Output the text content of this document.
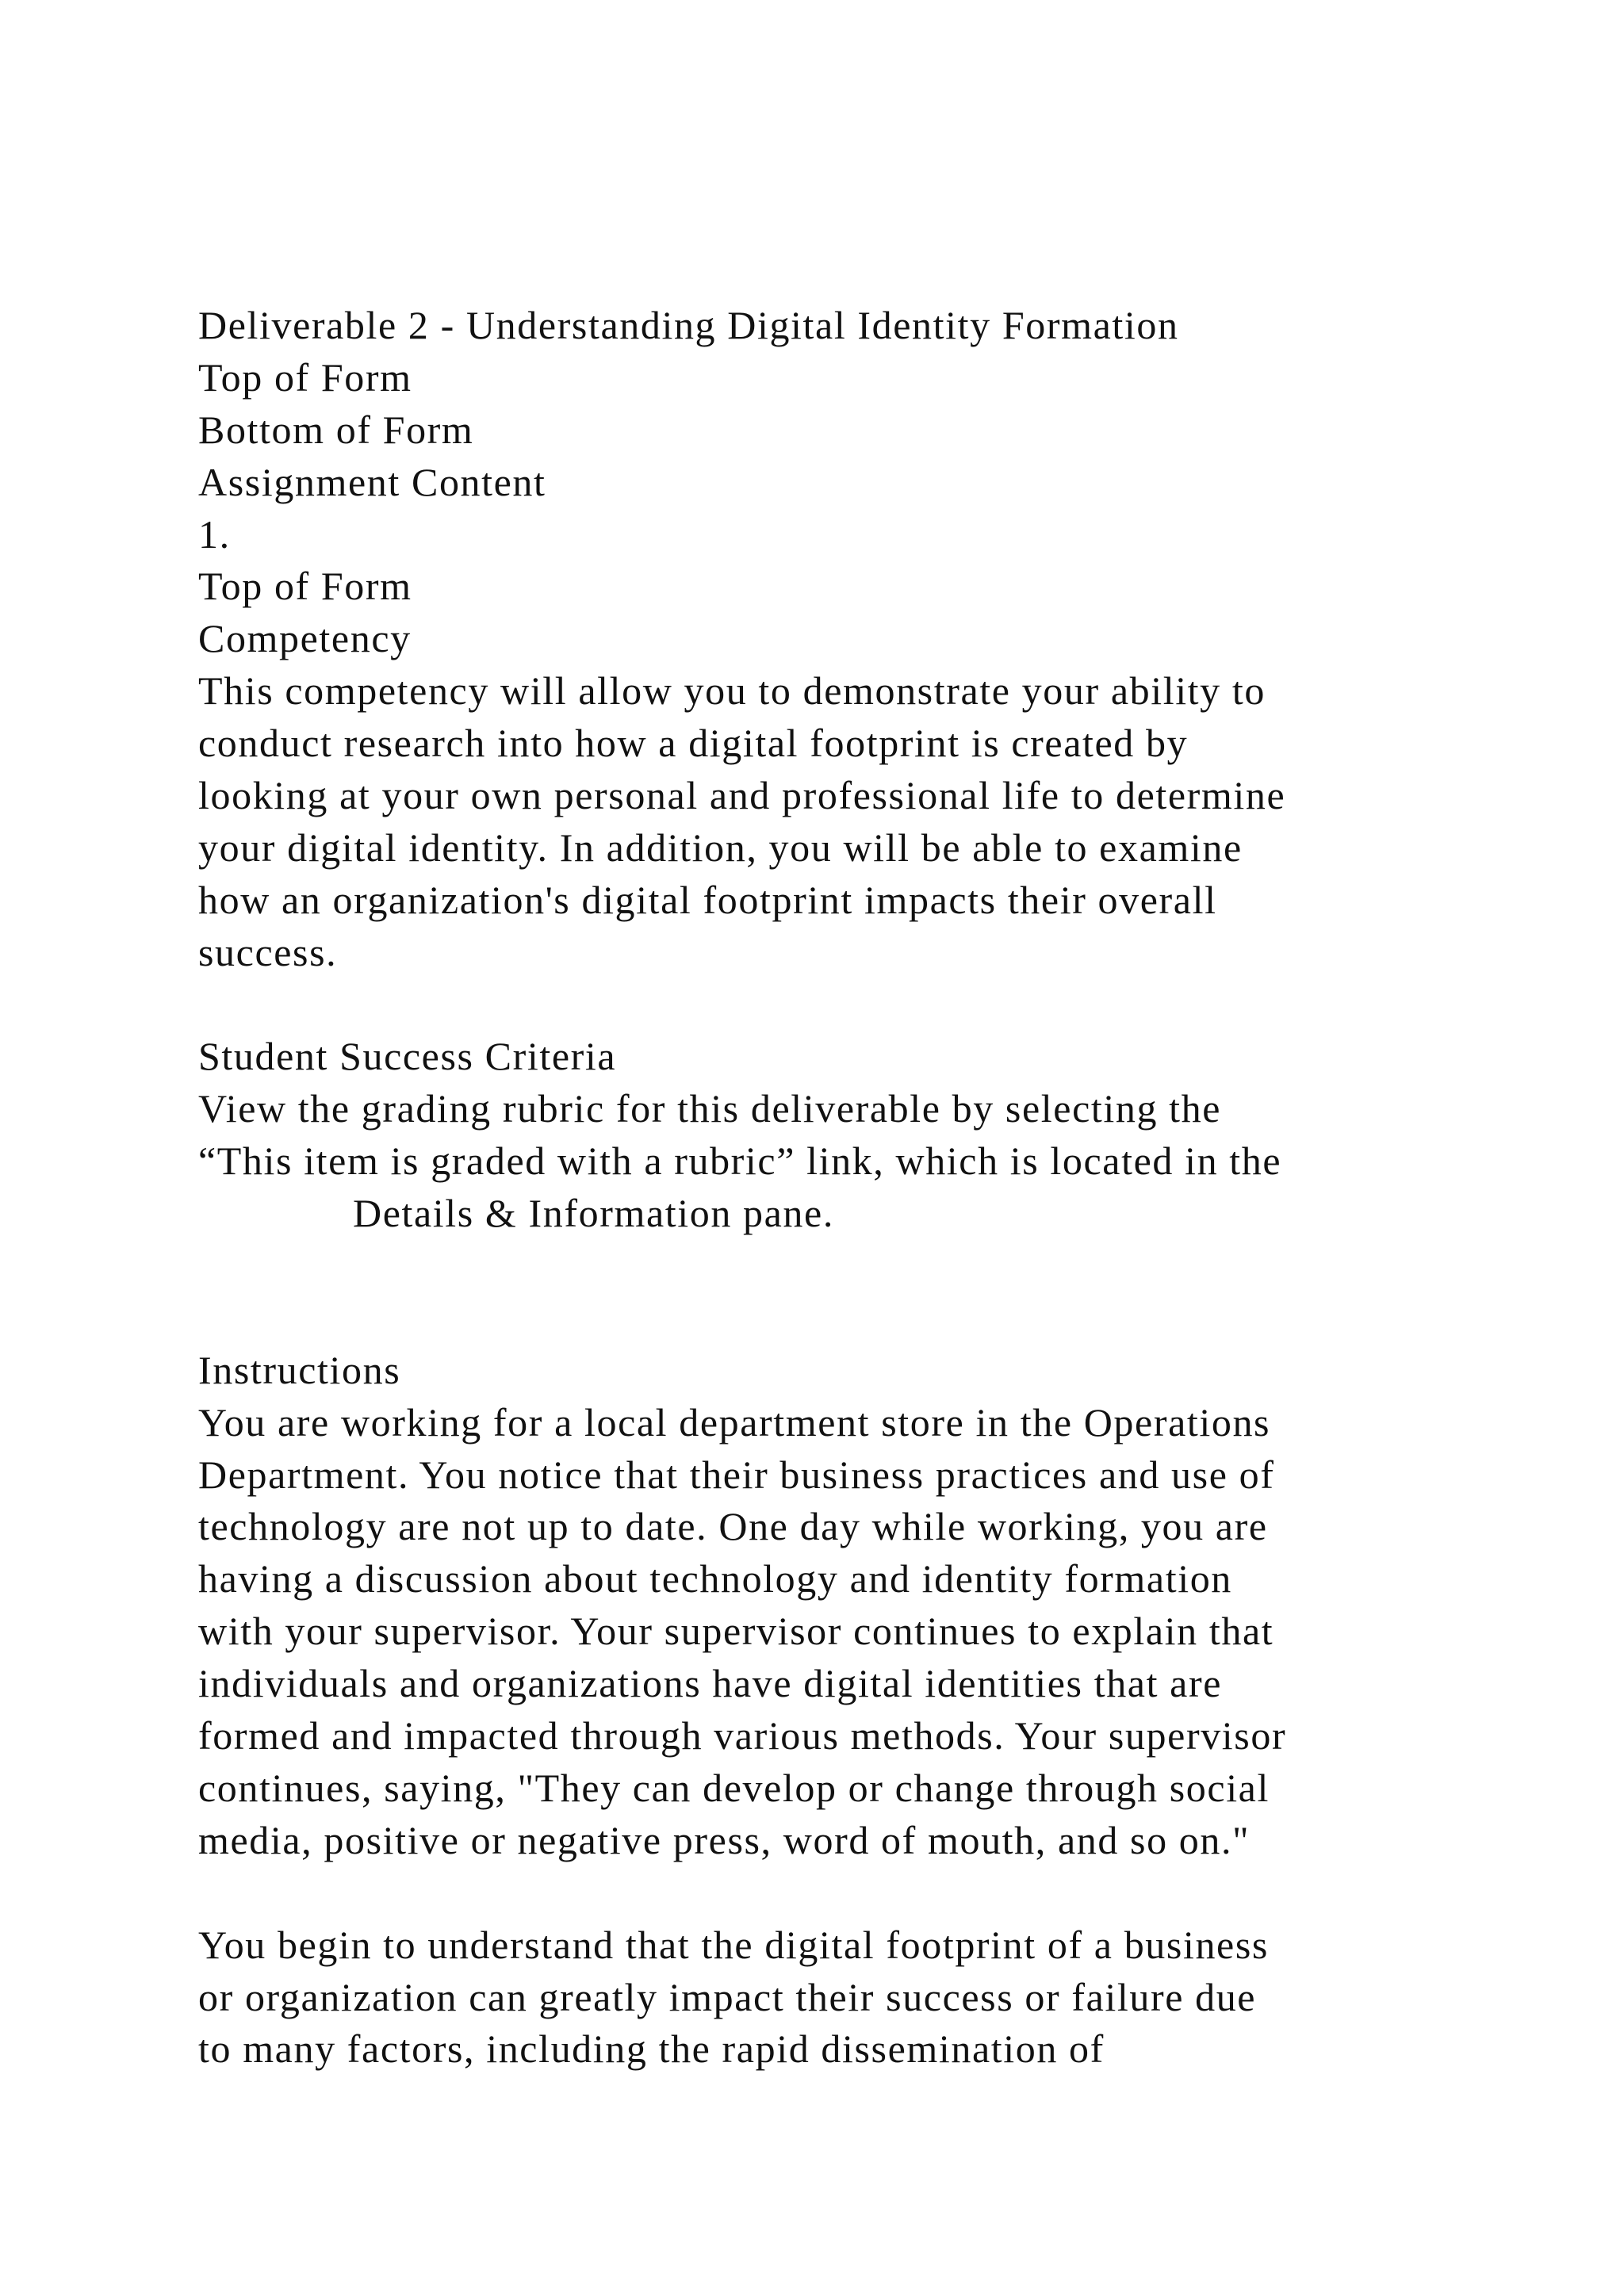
Deliverable 2 - Understanding Digital Identity Formation
Top of Form
Bottom of Form
Assignment Content
1.
Top of Form
Competency
This competency will allow you to demonstrate your ability to
conduct research into how a digital footprint is created by
looking at your own personal and professional life to determine
your digital identity. In addition, you will be able to examine
how an organization's digital footprint impacts their overall
success.
Student Success Criteria
View the grading rubric for this deliverable by selecting the
“This item is graded with a rubric” link, which is located in the
Details & Information pane.
Instructions
You are working for a local department store in the Operations
Department. You notice that their business practices and use of
technology are not up to date. One day while working, you are
having a discussion about technology and identity formation
with your supervisor. Your supervisor continues to explain that
individuals and organizations have digital identities that are
formed and impacted through various methods. Your supervisor
continues, saying, "They can develop or change through social
media, positive or negative press, word of mouth, and so on."
You begin to understand that the digital footprint of a business
or organization can greatly impact their success or failure due
to many factors, including the rapid dissemination of
